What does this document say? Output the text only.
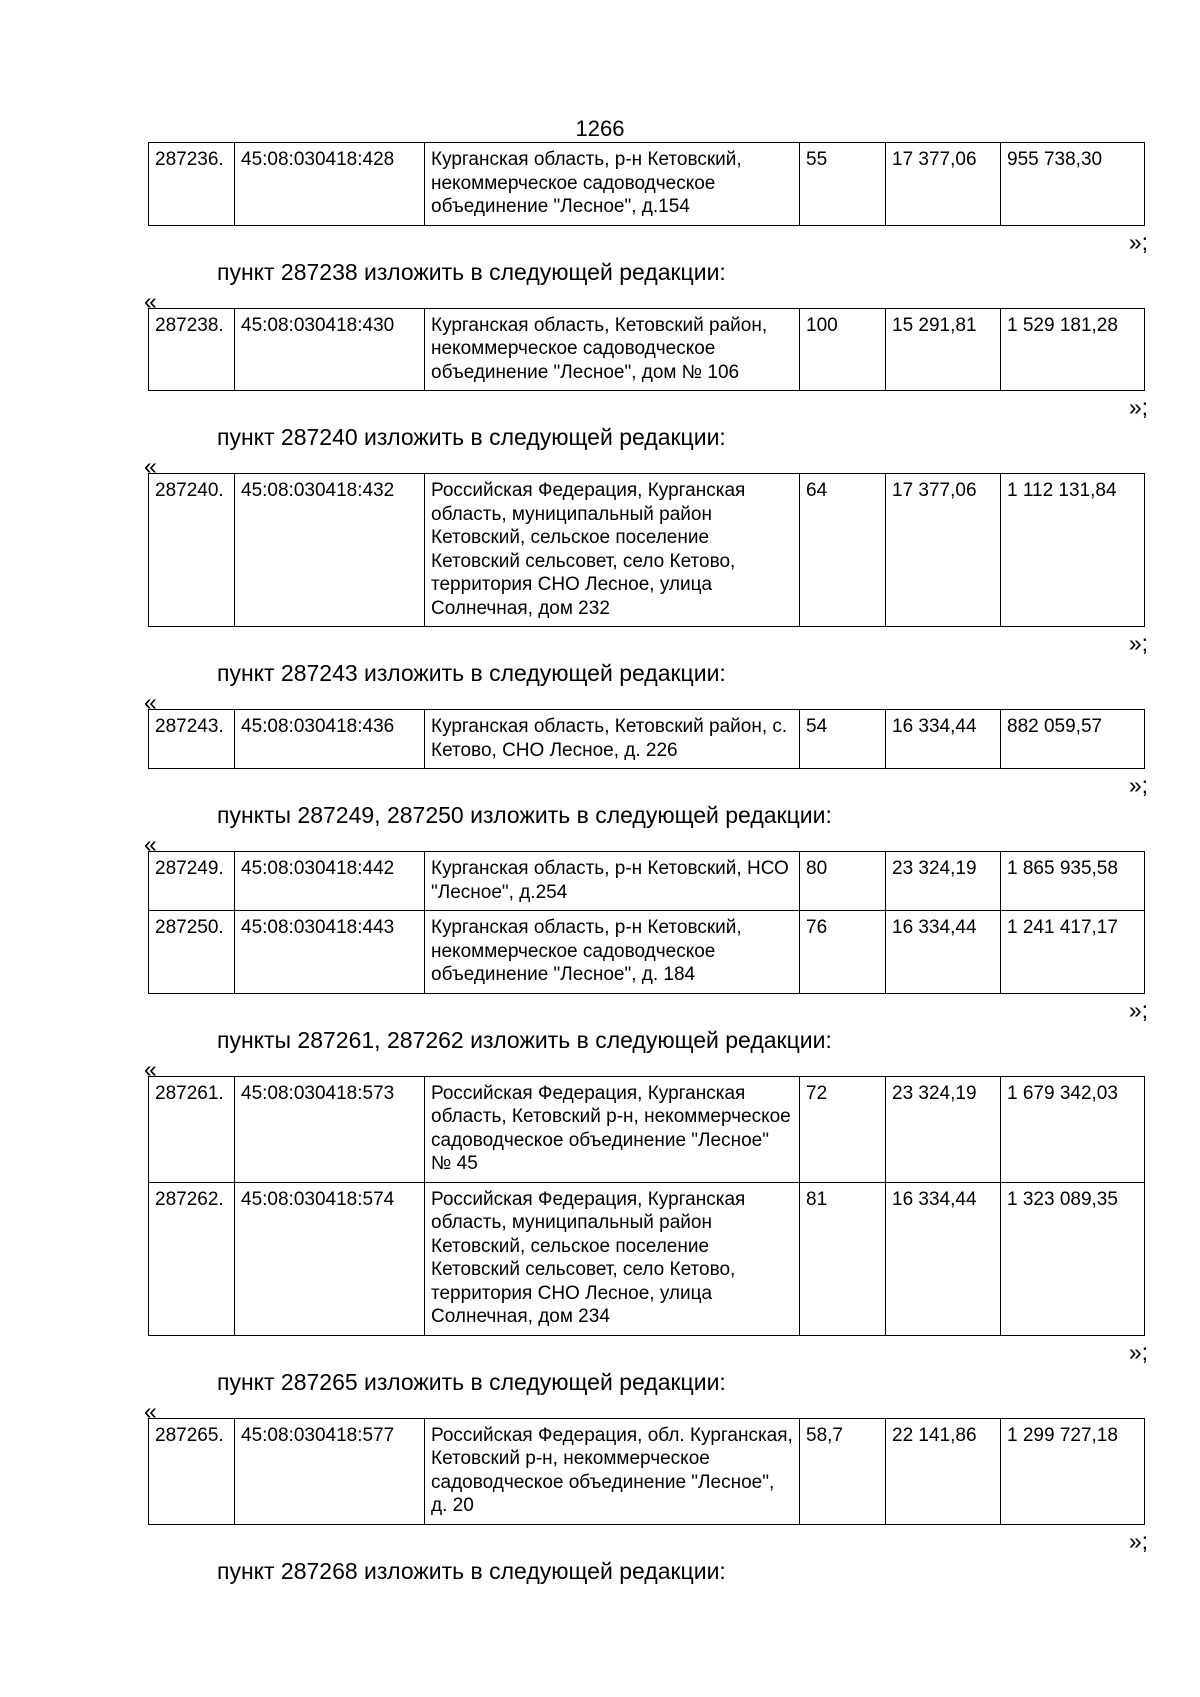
1266
287236.	45:08:030418:428	Курганская область, р-н Кетовский, некоммерческое садоводческое объединение "Лесное", д.154	55	17 377,06	955 738,30
»;
пункт 287238 изложить в следующей редакции:
«
287238.	45:08:030418:430	Курганская область, Кетовский район, некоммерческое садоводческое объединение "Лесное", дом № 106	100	15 291,81	1 529 181,28
»;
пункт 287240 изложить в следующей редакции:
«
287240.	45:08:030418:432	Российская Федерация, Курганская область, муниципальный район Кетовский, сельское поселение Кетовский сельсовет, село Кетово, территория СНО Лесное, улица Солнечная, дом 232	64	17 377,06	1 112 131,84
»;
пункт 287243 изложить в следующей редакции:
«
287243.	45:08:030418:436	Курганская область, Кетовский район, с. Кетово, СНО Лесное, д. 226	54	16 334,44	882 059,57
»;
пункты 287249, 287250 изложить в следующей редакции:
«
287249.	45:08:030418:442	Курганская область, р-н Кетовский, НСО "Лесное", д.254	80	23 324,19	1 865 935,58
287250.	45:08:030418:443	Курганская область, р-н Кетовский, некоммерческое садоводческое объединение "Лесное", д. 184	76	16 334,44	1 241 417,17
»;
пункты 287261, 287262 изложить в следующей редакции:
«
287261.	45:08:030418:573	Российская Федерация, Курганская область, Кетовский р-н, некоммерческое садоводческое объединение "Лесное" № 45	72	23 324,19	1 679 342,03
287262.	45:08:030418:574	Российская Федерация, Курганская область, муниципальный район Кетовский, сельское поселение Кетовский сельсовет, село Кетово, территория СНО Лесное, улица Солнечная, дом 234	81	16 334,44	1 323 089,35
»;
пункт 287265 изложить в следующей редакции:
«
287265.	45:08:030418:577	Российская Федерация, обл. Курганская, Кетовский р-н, некоммерческое садоводческое объединение "Лесное", д. 20	58,7	22 141,86	1 299 727,18
»;
пункт 287268 изложить в следующей редакции:
